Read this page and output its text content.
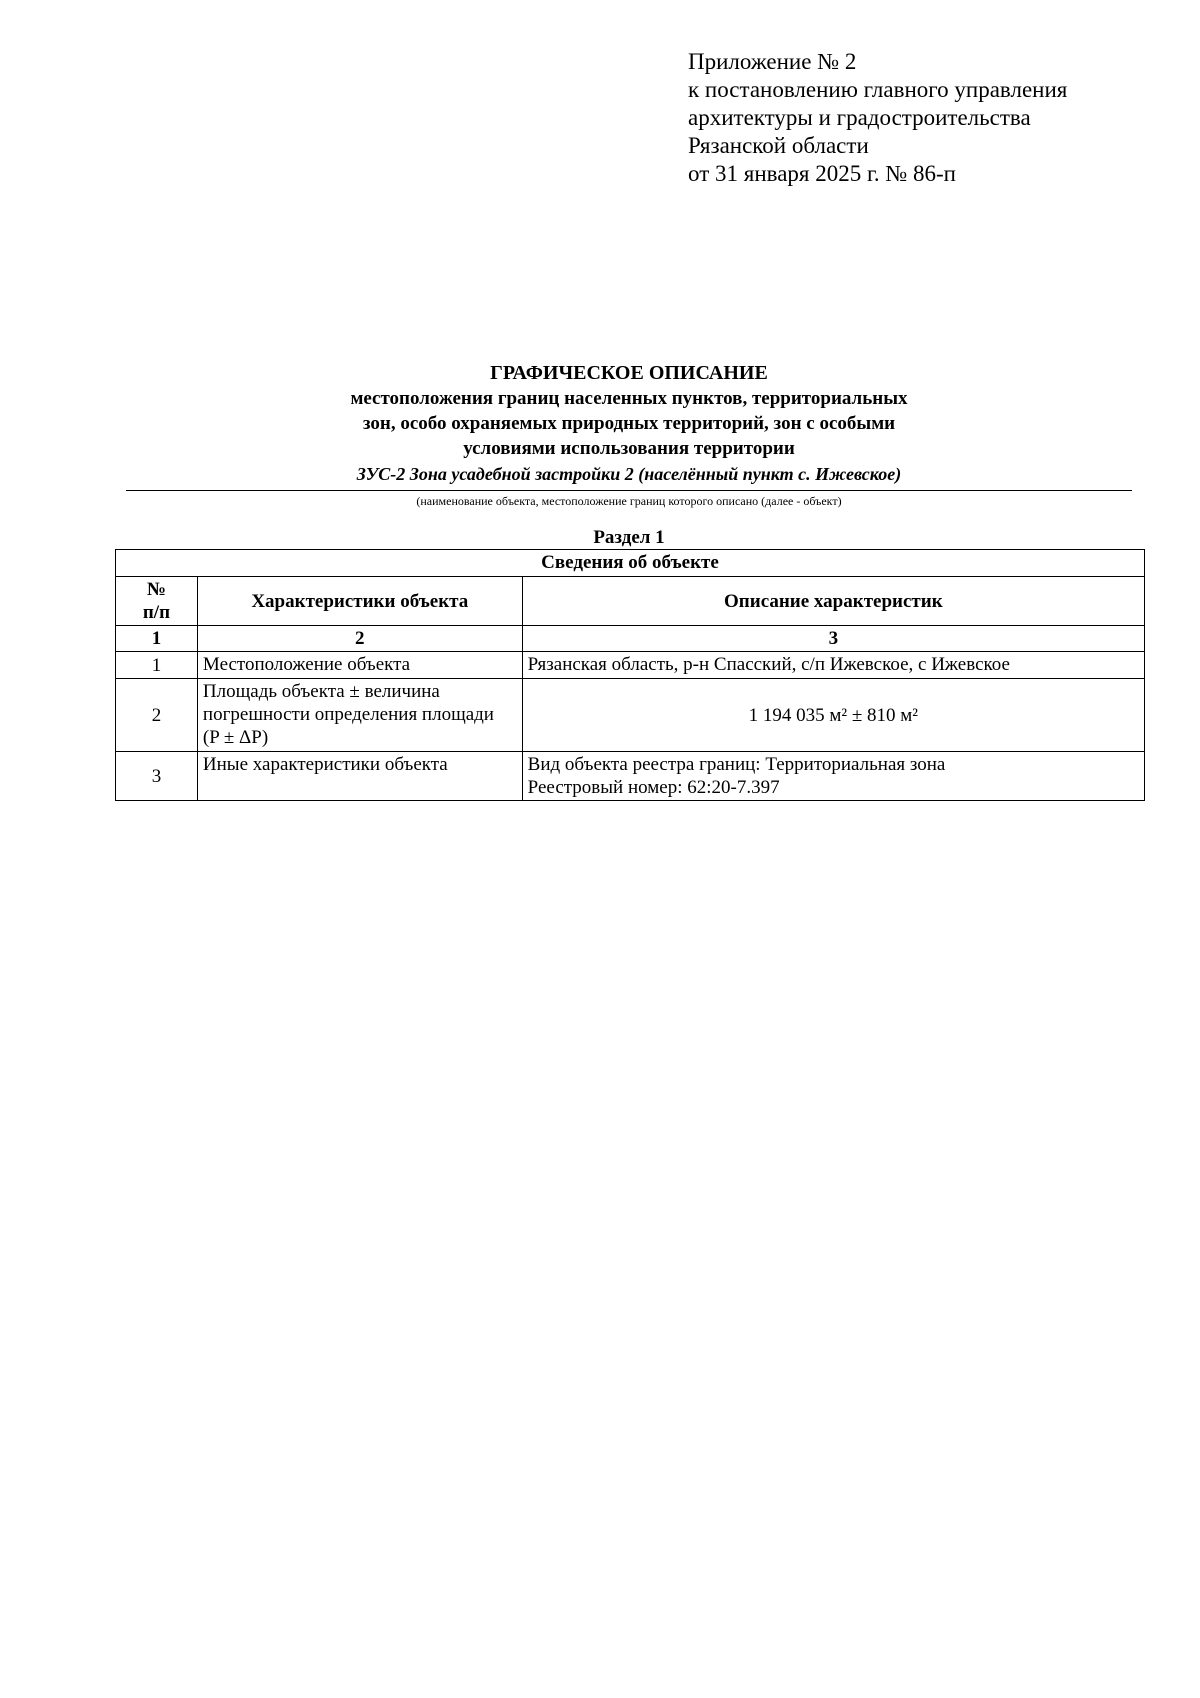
Приложение № 2
к постановлению главного управления
архитектуры и градостроительства
Рязанской области
от 31 января 2025 г. № 86-п
ГРАФИЧЕСКОЕ ОПИСАНИЕ
местоположения границ населенных пунктов, территориальных
зон, особо охраняемых природных территорий, зон с особыми
условиями использования территории
ЗУС-2 Зона усадебной застройки 2 (населённый пункт с. Ижевское)
(наименование объекта, местоположение границ которого описано (далее - объект)
Раздел 1
Сведения об объекте		

№
п/п	Характеристики объекта	Описание характеристик
1	2	3
1	Местоположение объекта	Рязанская область, р-н Спасский, с/п Ижевское, с Ижевское

2	Площадь объекта ± величина
погрешности определения площади
(P ± ΔP)	1 194 035 м² ± 810 м²

3	Иные характеристики объекта	Вид объекта реестра границ: Территориальная зона
Реестровый номер: 62:20-7.397
